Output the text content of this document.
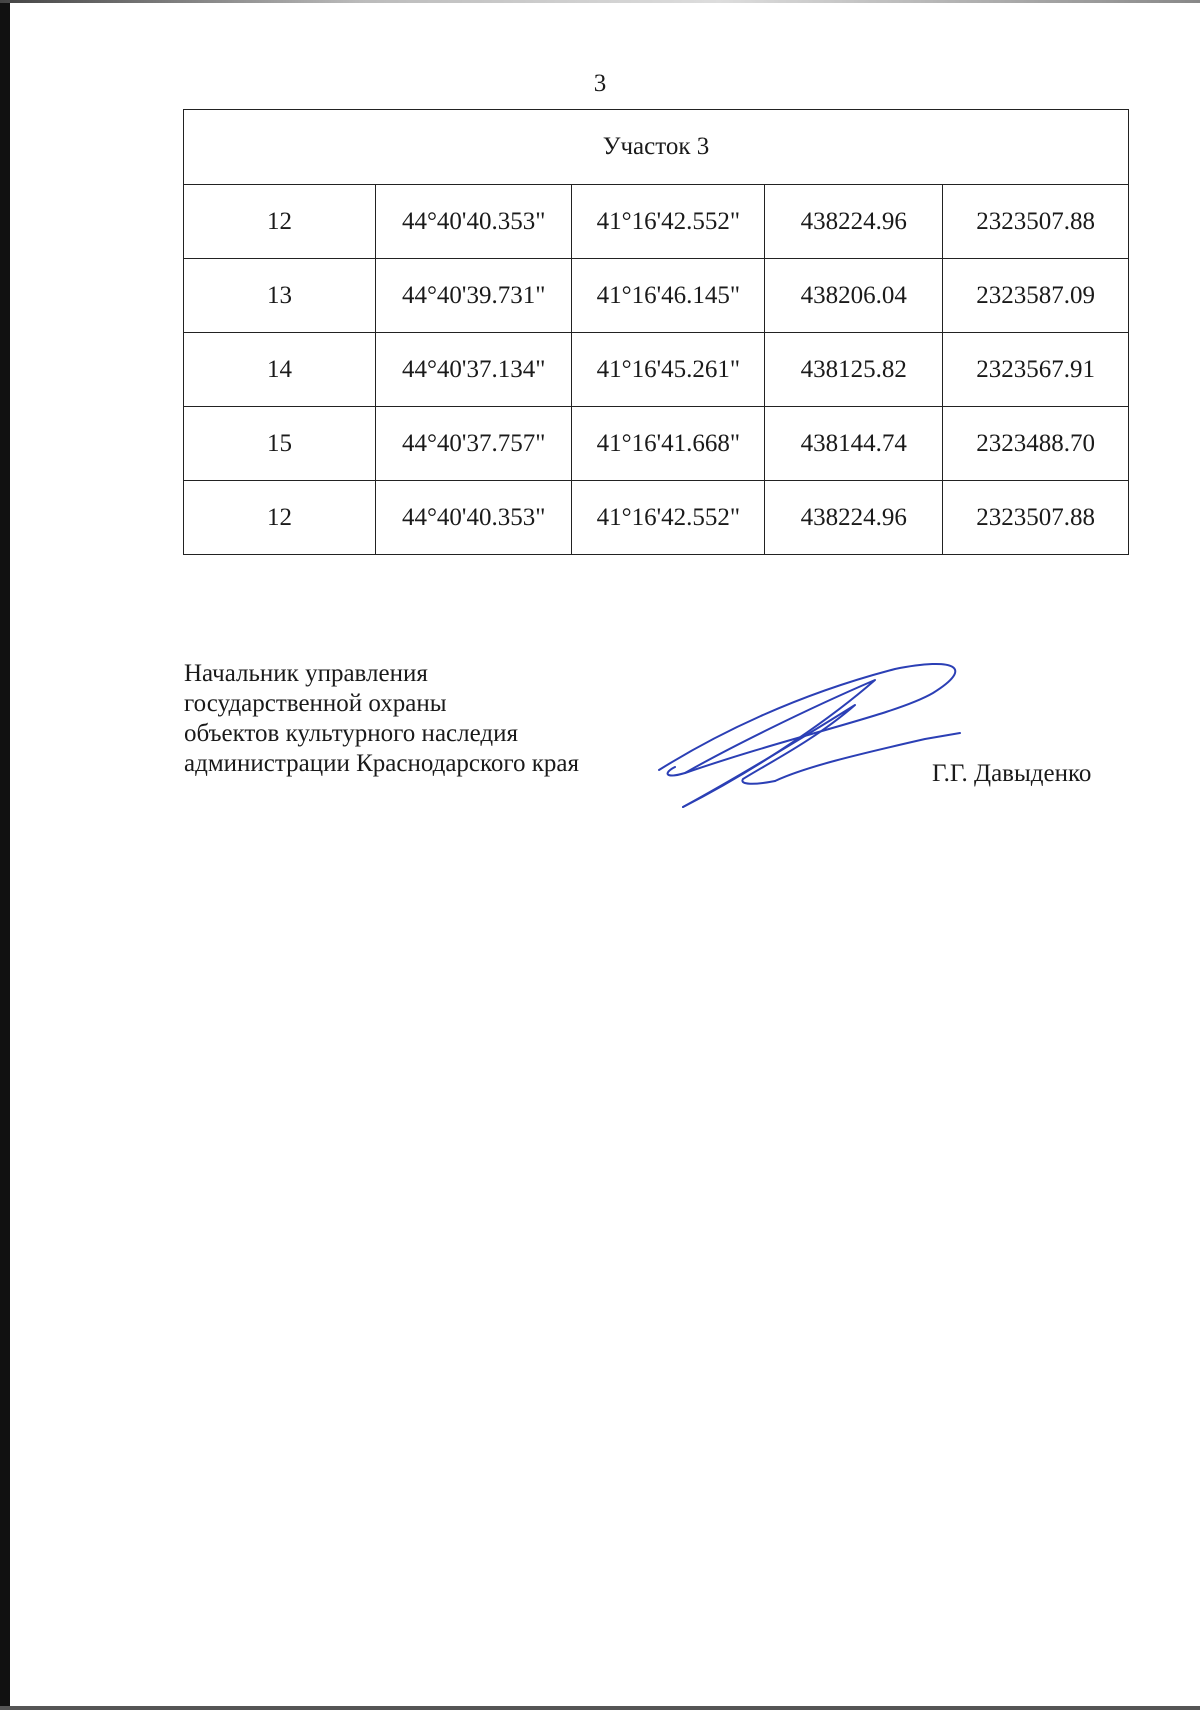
3
Участок 3				
12	44°40'40.353"	41°16'42.552"	438224.96	2323507.88
13	44°40'39.731"	41°16'46.145"	438206.04	2323587.09
14	44°40'37.134"	41°16'45.261"	438125.82	2323567.91
15	44°40'37.757"	41°16'41.668"	438144.74	2323488.70
12	44°40'40.353"	41°16'42.552"	438224.96	2323507.88
Начальник управления
государственной охраны
объектов культурного наследия
администрации Краснодарского края	Г.Г. Давыденко
